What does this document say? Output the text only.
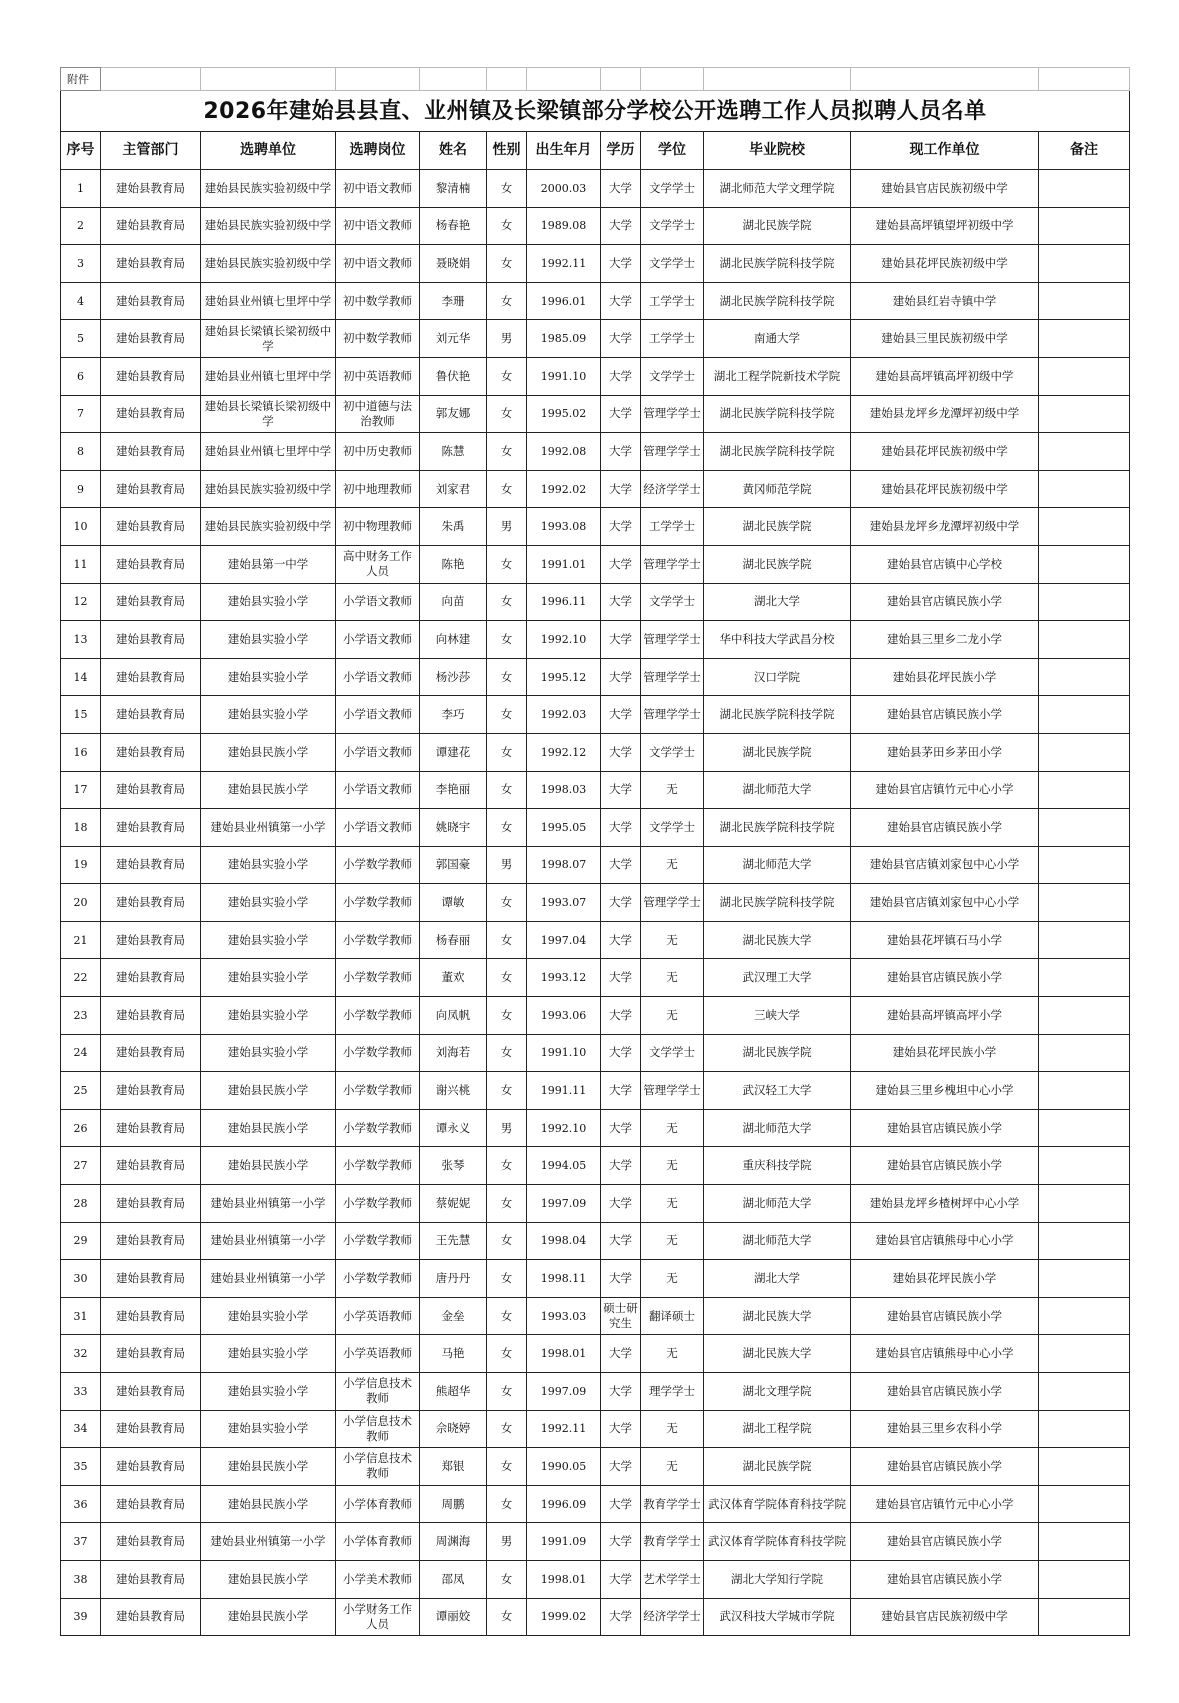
附件											
2026年建始县县直、业州镇及长梁镇部分学校公开选聘工作人员拟聘人员名单											
序号	主管部门	选聘单位	选聘岗位	姓名	性别	出生年月	学历	学位	毕业院校	现工作单位	备注
1	建始县教育局	建始县民族实验初级中学	初中语文教师	黎清楠	女	2000.03	大学	文学学士	湖北师范大学文理学院	建始县官店民族初级中学	
2	建始县教育局	建始县民族实验初级中学	初中语文教师	杨春艳	女	1989.08	大学	文学学士	湖北民族学院	建始县高坪镇望坪初级中学	
3	建始县教育局	建始县民族实验初级中学	初中语文教师	聂晓娟	女	1992.11	大学	文学学士	湖北民族学院科技学院	建始县花坪民族初级中学	
4	建始县教育局	建始县业州镇七里坪中学	初中数学教师	李珊	女	1996.01	大学	工学学士	湖北民族学院科技学院	建始县红岩寺镇中学	
5	建始县教育局	建始县长梁镇长梁初级中学	初中数学教师	刘元华	男	1985.09	大学	工学学士	南通大学	建始县三里民族初级中学	
6	建始县教育局	建始县业州镇七里坪中学	初中英语教师	鲁伏艳	女	1991.10	大学	文学学士	湖北工程学院新技术学院	建始县高坪镇高坪初级中学	
7	建始县教育局	建始县长梁镇长梁初级中学	初中道德与法治教师	郭友娜	女	1995.02	大学	管理学学士	湖北民族学院科技学院	建始县龙坪乡龙潭坪初级中学	
8	建始县教育局	建始县业州镇七里坪中学	初中历史教师	陈慧	女	1992.08	大学	管理学学士	湖北民族学院科技学院	建始县花坪民族初级中学	
9	建始县教育局	建始县民族实验初级中学	初中地理教师	刘家君	女	1992.02	大学	经济学学士	黄冈师范学院	建始县花坪民族初级中学	
10	建始县教育局	建始县民族实验初级中学	初中物理教师	朱禹	男	1993.08	大学	工学学士	湖北民族学院	建始县龙坪乡龙潭坪初级中学	
11	建始县教育局	建始县第一中学	高中财务工作人员	陈艳	女	1991.01	大学	管理学学士	湖北民族学院	建始县官店镇中心学校	
12	建始县教育局	建始县实验小学	小学语文教师	向苗	女	1996.11	大学	文学学士	湖北大学	建始县官店镇民族小学	
13	建始县教育局	建始县实验小学	小学语文教师	向林建	女	1992.10	大学	管理学学士	华中科技大学武昌分校	建始县三里乡二龙小学	
14	建始县教育局	建始县实验小学	小学语文教师	杨沙莎	女	1995.12	大学	管理学学士	汉口学院	建始县花坪民族小学	
15	建始县教育局	建始县实验小学	小学语文教师	李巧	女	1992.03	大学	管理学学士	湖北民族学院科技学院	建始县官店镇民族小学	
16	建始县教育局	建始县民族小学	小学语文教师	谭建花	女	1992.12	大学	文学学士	湖北民族学院	建始县茅田乡茅田小学	
17	建始县教育局	建始县民族小学	小学语文教师	李艳丽	女	1998.03	大学	无	湖北师范大学	建始县官店镇竹元中心小学	
18	建始县教育局	建始县业州镇第一小学	小学语文教师	姚晓宇	女	1995.05	大学	文学学士	湖北民族学院科技学院	建始县官店镇民族小学	
19	建始县教育局	建始县实验小学	小学数学教师	郭国豪	男	1998.07	大学	无	湖北师范大学	建始县官店镇刘家包中心小学	
20	建始县教育局	建始县实验小学	小学数学教师	谭敏	女	1993.07	大学	管理学学士	湖北民族学院科技学院	建始县官店镇刘家包中心小学	
21	建始县教育局	建始县实验小学	小学数学教师	杨春丽	女	1997.04	大学	无	湖北民族大学	建始县花坪镇石马小学	
22	建始县教育局	建始县实验小学	小学数学教师	董欢	女	1993.12	大学	无	武汉理工大学	建始县官店镇民族小学	
23	建始县教育局	建始县实验小学	小学数学教师	向凤帆	女	1993.06	大学	无	三峡大学	建始县高坪镇高坪小学	
24	建始县教育局	建始县实验小学	小学数学教师	刘海若	女	1991.10	大学	文学学士	湖北民族学院	建始县花坪民族小学	
25	建始县教育局	建始县民族小学	小学数学教师	谢兴桃	女	1991.11	大学	管理学学士	武汉轻工大学	建始县三里乡槐坦中心小学	
26	建始县教育局	建始县民族小学	小学数学教师	谭永义	男	1992.10	大学	无	湖北师范大学	建始县官店镇民族小学	
27	建始县教育局	建始县民族小学	小学数学教师	张琴	女	1994.05	大学	无	重庆科技学院	建始县官店镇民族小学	
28	建始县教育局	建始县业州镇第一小学	小学数学教师	蔡妮妮	女	1997.09	大学	无	湖北师范大学	建始县龙坪乡楂树坪中心小学	
29	建始县教育局	建始县业州镇第一小学	小学数学教师	王先慧	女	1998.04	大学	无	湖北师范大学	建始县官店镇熊母中心小学	
30	建始县教育局	建始县业州镇第一小学	小学数学教师	唐丹丹	女	1998.11	大学	无	湖北大学	建始县花坪民族小学	
31	建始县教育局	建始县实验小学	小学英语教师	金垒	女	1993.03	硕士研究生	翻译硕士	湖北民族大学	建始县官店镇民族小学	
32	建始县教育局	建始县实验小学	小学英语教师	马艳	女	1998.01	大学	无	湖北民族大学	建始县官店镇熊母中心小学	
33	建始县教育局	建始县实验小学	小学信息技术教师	熊超华	女	1997.09	大学	理学学士	湖北文理学院	建始县官店镇民族小学	
34	建始县教育局	建始县实验小学	小学信息技术教师	佘晓婷	女	1992.11	大学	无	湖北工程学院	建始县三里乡农科小学	
35	建始县教育局	建始县民族小学	小学信息技术教师	郑银	女	1990.05	大学	无	湖北民族学院	建始县官店镇民族小学	
36	建始县教育局	建始县民族小学	小学体育教师	周鹏	女	1996.09	大学	教育学学士	武汉体育学院体育科技学院	建始县官店镇竹元中心小学	
37	建始县教育局	建始县业州镇第一小学	小学体育教师	周渊海	男	1991.09	大学	教育学学士	武汉体育学院体育科技学院	建始县官店镇民族小学	
38	建始县教育局	建始县民族小学	小学美术教师	邵凤	女	1998.01	大学	艺术学学士	湖北大学知行学院	建始县官店镇民族小学	
39	建始县教育局	建始县民族小学	小学财务工作人员	谭丽姣	女	1999.02	大学	经济学学士	武汉科技大学城市学院	建始县官店民族初级中学	
